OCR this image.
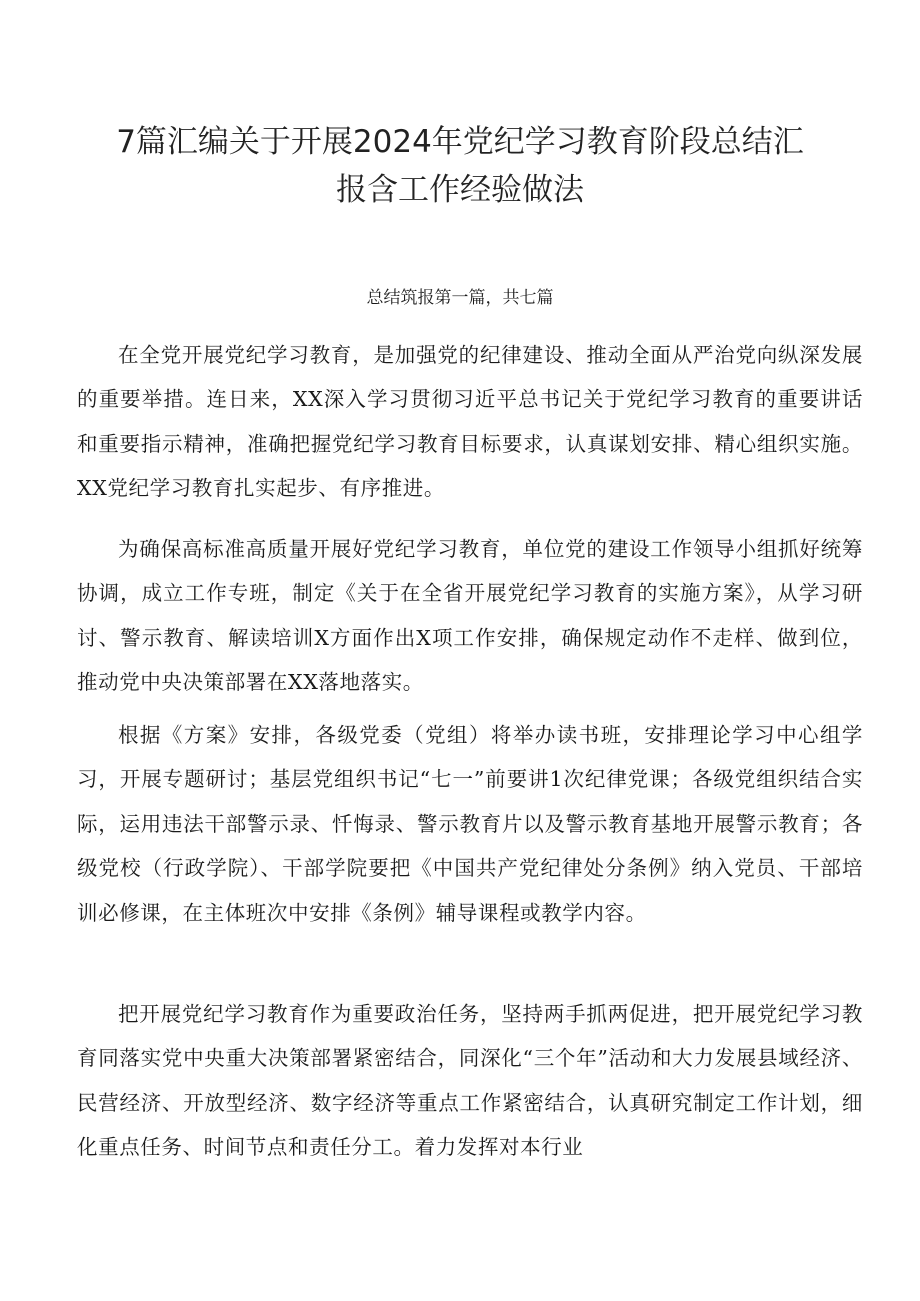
7篇汇编关于开展2024年党纪学习教育阶段总结汇
报含工作经验做法

总结筑报第一篇，共七篇

在全党开展党纪学习教育，是加强党的纪律建设、推动全面从严治党向纵深发展的重要举措。连日来，XX深入学习贯彻习近平总书记关于党纪学习教育的重要讲话和重要指示精神，准确把握党纪学习教育目标要求，认真谋划安排、精心组织实施。XX党纪学习教育扎实起步、有序推进。

为确保高标准高质量开展好党纪学习教育，单位党的建设工作领导小组抓好统筹协调，成立工作专班，制定《关于在全省开展党纪学习教育的实施方案》，从学习研讨、警示教育、解读培训X方面作出X项工作安排，确保规定动作不走样、做到位，推动党中央决策部署在XX落地落实。

根据《方案》安排，各级党委（党组）将举办读书班，安排理论学习中心组学习，开展专题研讨；基层党组织书记“七一”前要讲1次纪律党课；各级党组织结合实际，运用违法干部警示录、忏悔录、警示教育片以及警示教育基地开展警示教育；各级党校（行政学院）、干部学院要把《中国共产党纪律处分条例》纳入党员、干部培训必修课，在主体班次中安排《条例》辅导课程或教学内容。

把开展党纪学习教育作为重要政治任务，坚持两手抓两促进，把开展党纪学习教育同落实党中央重大决策部署紧密结合，同深化“三个年”活动和大力发展县域经济、民营经济、开放型经济、数字经济等重点工作紧密结合，认真研究制定工作计划，细化重点任务、时间节点和责任分工。着力发挥对本行业
